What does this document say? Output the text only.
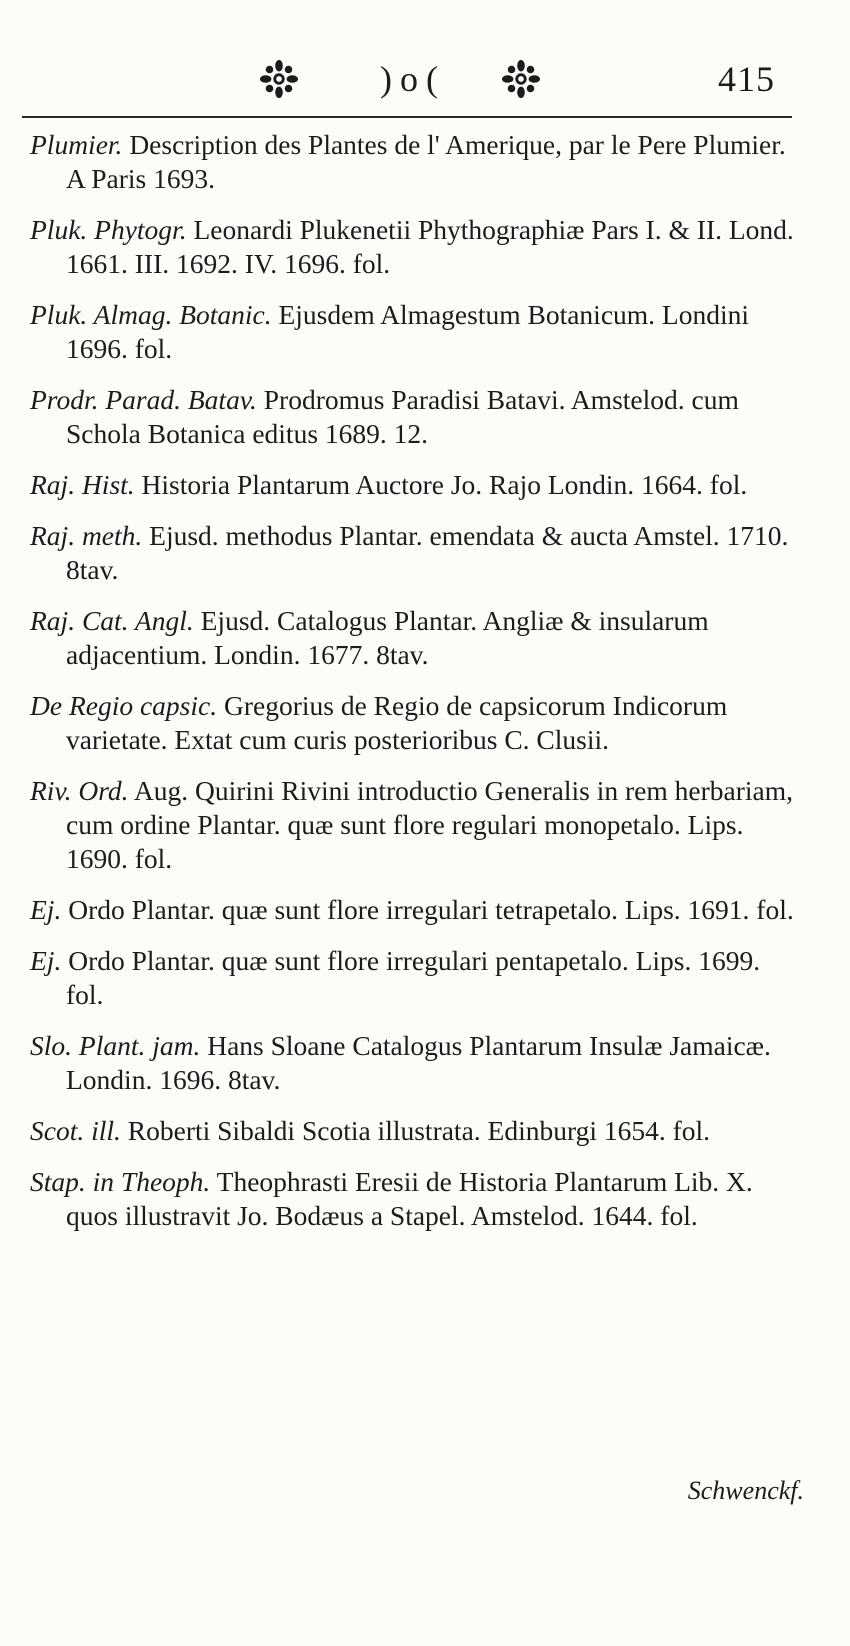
)o(	415

Plumier. Description des Plantes de l' Amerique, par le Pere Plumier. A Paris 1693.

Pluk. Phytogr. Leonardi Plukenetii Phythographiæ Pars I. & II. Lond. 1661. III. 1692. IV. 1696. fol.

Pluk. Almag. Botanic. Ejusdem Almagestum Botanicum. Londini 1696. fol.

Prodr. Parad. Batav. Prodromus Paradisi Batavi. Amstelod. cum Schola Botanica editus 1689. 12.

Raj. Hist. Historia Plantarum Auctore Jo. Rajo Londin. 1664. fol.

Raj. meth. Ejusd. methodus Plantar. emendata & aucta Amstel. 1710. 8tav.

Raj. Cat. Angl. Ejusd. Catalogus Plantar. Angliæ & insularum adjacentium. Londin. 1677. 8tav.

De Regio capsic. Gregorius de Regio de capsicorum Indicorum varietate. Extat cum curis posterioribus C. Clusii.

Riv. Ord. Aug. Quirini Rivini introductio Generalis in rem herbariam, cum ordine Plantar. quæ sunt flore regulari monopetalo. Lips. 1690. fol.

Ej. Ordo Plantar. quæ sunt flore irregulari tetrapetalo. Lips. 1691. fol.

Ej. Ordo Plantar. quæ sunt flore irregulari pentapetalo. Lips. 1699. fol.

Slo. Plant. jam. Hans Sloane Catalogus Plantarum Insulæ Jamaicæ. Londin. 1696. 8tav.

Scot. ill. Roberti Sibaldi Scotia illustrata. Edinburgi 1654. fol.

Stap. in Theoph. Theophrasti Eresii de Historia Plantarum Lib. X. quos illustravit Jo. Bodæus a Stapel. Amstelod. 1644. fol.

Schwenckf.
